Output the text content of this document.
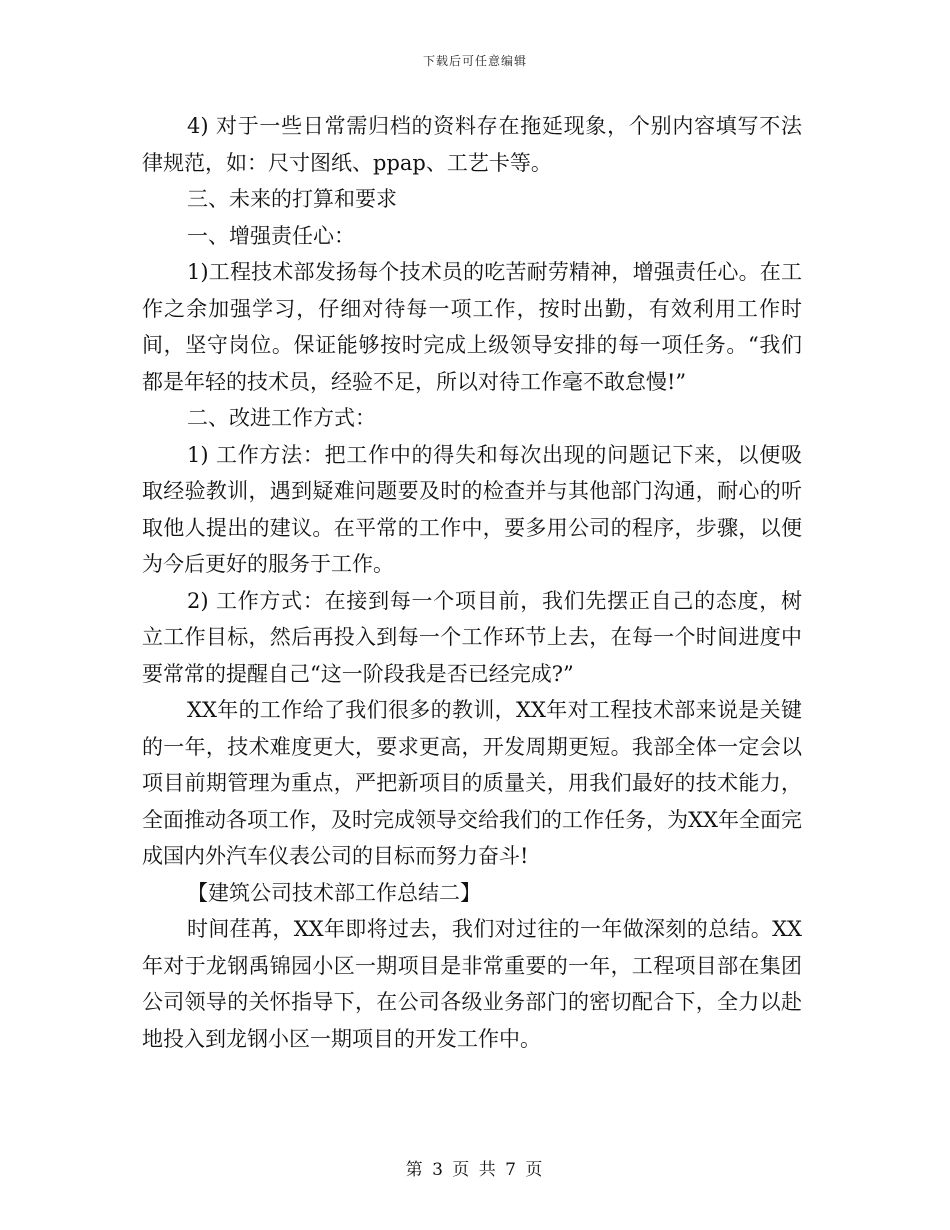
下载后可任意编辑

4) 对于一些日常需归档的资料存在拖延现象，个别内容填写不法律规范，如：尺寸图纸、ppap、工艺卡等。

三、未来的打算和要求

一、增强责任心：

1)工程技术部发扬每个技术员的吃苦耐劳精神，增强责任心。在工作之余加强学习，仔细对待每一项工作，按时出勤，有效利用工作时间，坚守岗位。保证能够按时完成上级领导安排的每一项任务。“我们都是年轻的技术员，经验不足，所以对待工作毫不敢怠慢!”

二、改进工作方式：

1) 工作方法：把工作中的得失和每次出现的问题记下来，以便吸取经验教训，遇到疑难问题要及时的检查并与其他部门沟通，耐心的听取他人提出的建议。在平常的工作中，要多用公司的程序，步骤，以便为今后更好的服务于工作。

2) 工作方式：在接到每一个项目前，我们先摆正自己的态度，树立工作目标，然后再投入到每一个工作环节上去，在每一个时间进度中要常常的提醒自己“这一阶段我是否已经完成?”

XX年的工作给了我们很多的教训，XX年对工程技术部来说是关键的一年，技术难度更大，要求更高，开发周期更短。我部全体一定会以项目前期管理为重点，严把新项目的质量关，用我们最好的技术能力，全面推动各项工作，及时完成领导交给我们的工作任务，为XX年全面完成国内外汽车仪表公司的目标而努力奋斗!

【建筑公司技术部工作总结二】

时间荏苒，XX年即将过去，我们对过往的一年做深刻的总结。XX年对于龙钢禹锦园小区一期项目是非常重要的一年，工程项目部在集团公司领导的关怀指导下，在公司各级业务部门的密切配合下，全力以赴地投入到龙钢小区一期项目的开发工作中。

第 3 页 共 7 页
